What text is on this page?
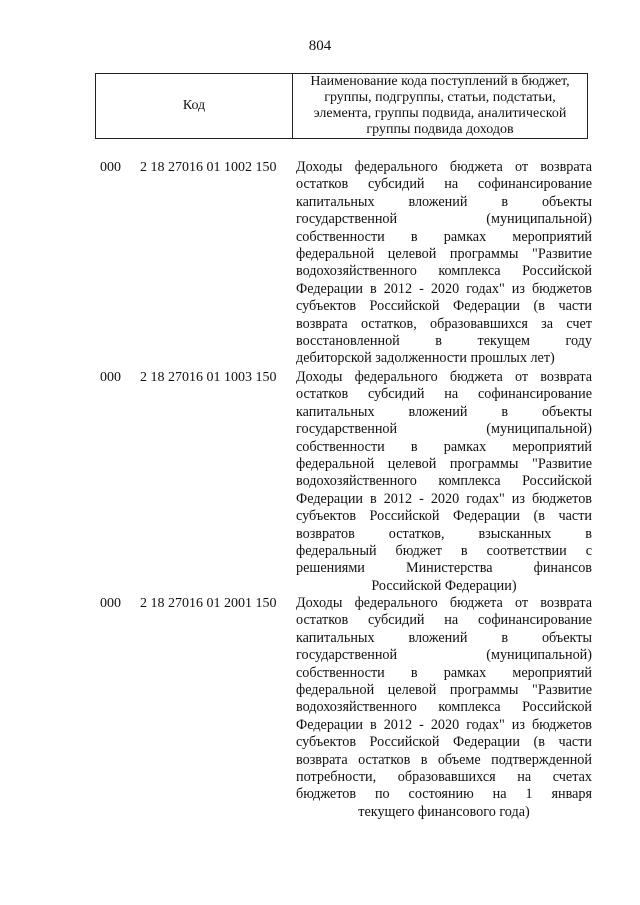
804
Код
Наименование кода поступлений в бюджет,
группы, подгруппы, статьи, подстатьи,
элемента, группы подвида, аналитической
группы подвида доходов
000	2 18 27016 01 1002 150 Доходы федерального бюджета от возврата
остатков субсидий на софинансирование
капитальных вложений в объекты
государственной (муниципальной)
собственности в рамках мероприятий
федеральной целевой программы "Развитие
водохозяйственного комплекса Российской
Федерации в 2012 - 2020 годах" из бюджетов
субъектов Российской Федерации (в части
возврата остатков, образовавшихся за счет
восстановленной в текущем году
дебиторской задолженности прошлых лет)
000	2 18 27016 01 1003 150 Доходы федерального бюджета от возврата
остатков субсидий на софинансирование
капитальных вложений в объекты
государственной (муниципальной)
собственности в рамках мероприятий
федеральной целевой программы "Развитие
водохозяйственного комплекса Российской
Федерации в 2012 - 2020 годах" из бюджетов
субъектов Российской Федерации (в части
возвратов остатков, взысканных в
федеральный бюджет в соответствии с
решениями Министерства финансов
Российской Федерации)
000	2 18 27016 01 2001 150 Доходы федерального бюджета от возврата
остатков субсидий на софинансирование
капитальных вложений в объекты
государственной (муниципальной)
собственности в рамках мероприятий
федеральной целевой программы "Развитие
водохозяйственного комплекса Российской
Федерации в 2012 - 2020 годах" из бюджетов
субъектов Российской Федерации (в части
возврата остатков в объеме подтвержденной
потребности, образовавшихся на счетах
бюджетов по состоянию на 1 января
текущего финансового года)
